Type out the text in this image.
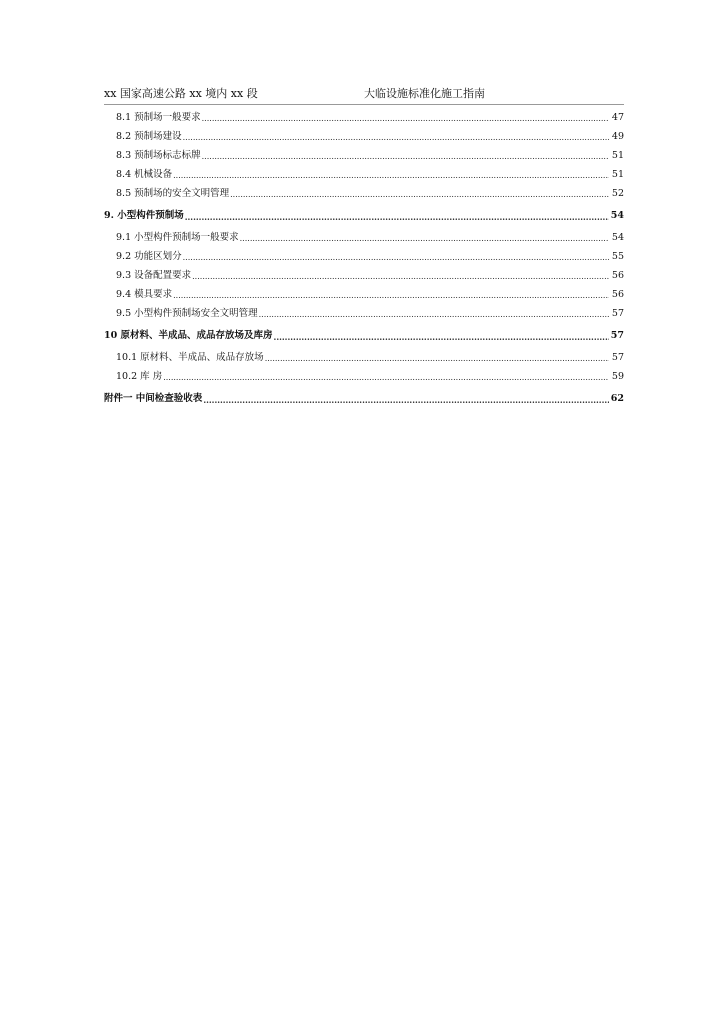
xx 国家高速公路 xx 境内 xx 段	大临设施标准化施工指南
8.1 预制场一般要求 .....	47
8.2 预制场建设 .....	49
8.3 预制场标志标牌 .....	51
8.4 机械设备 .....	51
8.5 预制场的安全文明管理 .....	52
9. 小型构件预制场 .....	54
9.1 小型构件预制场一般要求 .....	54
9.2 功能区划分 .....	55
9.3 设备配置要求 .....	56
9.4 模具要求 .....	56
9.5 小型构件预制场安全文明管理 .....	57
10 原材料、半成品、成品存放场及库房 .....	57
10.1 原材料、半成品、成品存放场 .....	57
10.2 库 房 .....	59
附件一 中间检查验收表 .....	62
